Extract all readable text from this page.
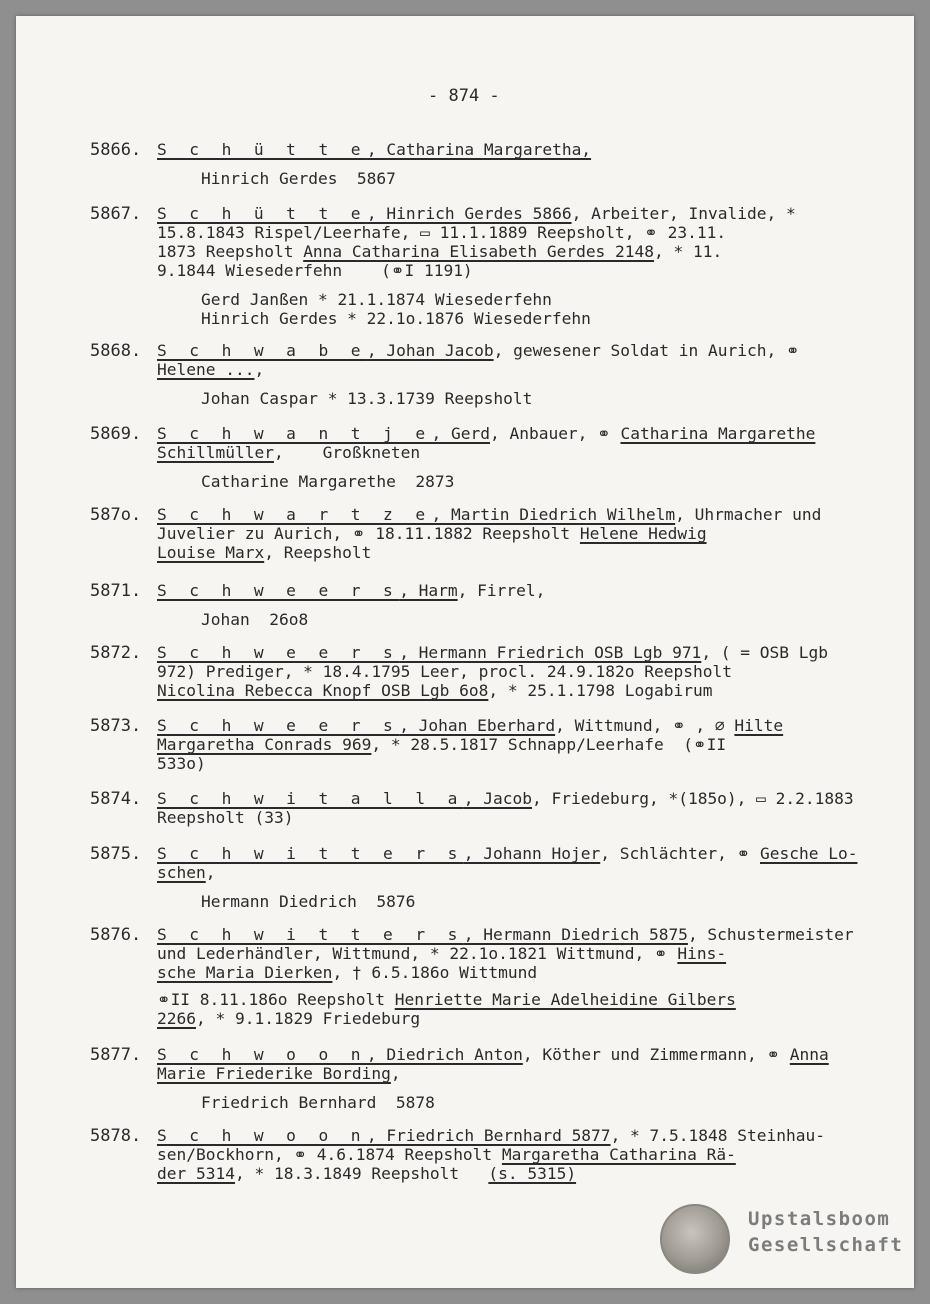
- 874 -
5866. S c h ü t t e, Catharina Margaretha,
Hinrich Gerdes  5867
5867. S c h ü t t e, Hinrich Gerdes 5866, Arbeiter, Invalide, *
15.8.1843 Rispel/Leerhafe, ▭ 11.1.1889 Reepsholt, ⚭ 23.11.
1873 Reepsholt Anna Catharina Elisabeth Gerdes 2148, * 11.
9.1844 Wiesederfehn    (⚭I 1191)
Gerd Janßen * 21.1.1874 Wiesederfehn
Hinrich Gerdes * 22.1o.1876 Wiesederfehn
5868. S c h w a b e, Johan Jacob, gewesener Soldat in Aurich, ⚭
Helene ...,
Johan Caspar * 13.3.1739 Reepsholt
5869. S c h w a n t j e, Gerd, Anbauer, ⚭ Catharina Margarethe
Schillmüller,    Großkneten
Catharine Margarethe  2873
587o. S c h w a r t z e, Martin Diedrich Wilhelm, Uhrmacher und
Juvelier zu Aurich, ⚭ 18.11.1882 Reepsholt Helene Hedwig
Louise Marx, Reepsholt
5871. S c h w e e r s, Harm, Firrel,
Johan  26o8
5872. S c h w e e r s, Hermann Friedrich OSB Lgb 971, ( = OSB Lgb
972) Prediger, * 18.4.1795 Leer, procl. 24.9.182o Reepsholt
Nicolina Rebecca Knopf OSB Lgb 6o8, * 25.1.1798 Logabirum
5873. S c h w e e r s, Johan Eberhard, Wittmund, ⚭ , ⌀ Hilte
Margaretha Conrads 969, * 28.5.1817 Schnapp/Leerhafe  (⚭II
533o)
5874. S c h w i t a l l a, Jacob, Friedeburg, *(185o), ▭ 2.2.1883
Reepsholt (33)
5875. S c h w i t t e r s, Johann Hojer, Schlächter, ⚭ Gesche Lo-
schen,
Hermann Diedrich  5876
5876. S c h w i t t e r s, Hermann Diedrich 5875, Schustermeister
und Lederhändler, Wittmund, * 22.1o.1821 Wittmund, ⚭ Hins-
sche Maria Dierken, † 6.5.186o Wittmund
⚭II 8.11.186o Reepsholt Henriette Marie Adelheidine Gilbers
2266, * 9.1.1829 Friedeburg
5877. S c h w o o n, Diedrich Anton, Köther und Zimmermann, ⚭ Anna
Marie Friederike Bording,
Friedrich Bernhard  5878
5878. S c h w o o n, Friedrich Bernhard 5877, * 7.5.1848 Steinhau-
sen/Bockhorn, ⚭ 4.6.1874 Reepsholt Margaretha Catharina Rä-
der 5314, * 18.3.1849 Reepsholt   (s. 5315)
Upstalsboom
Gesellschaft
